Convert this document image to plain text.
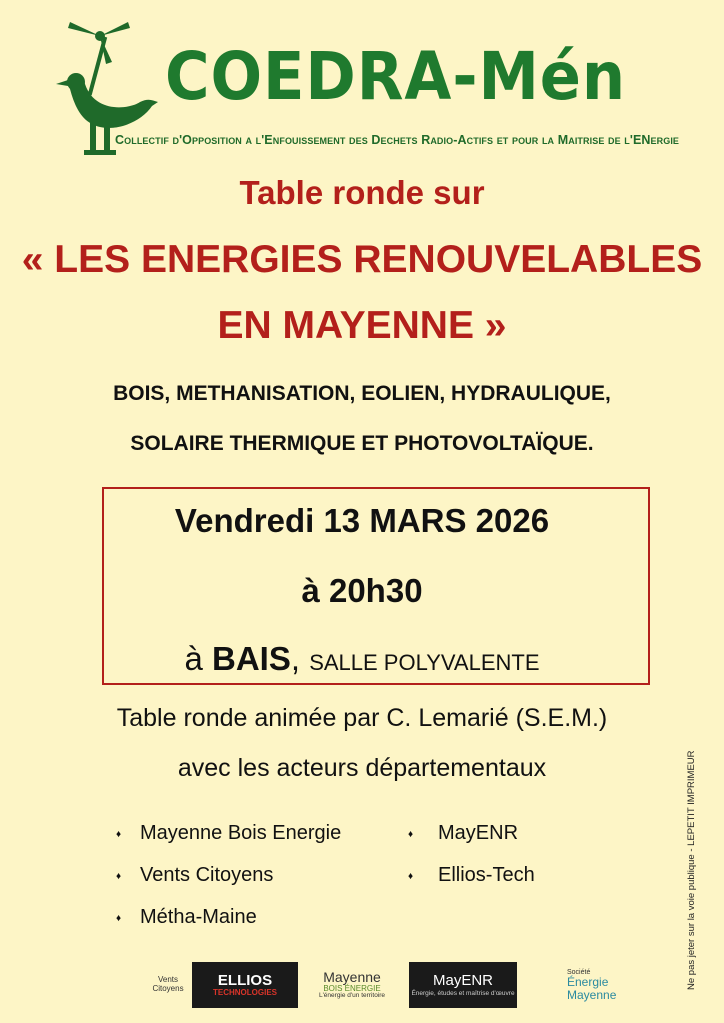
COEDRA-Mén
Collectif d'Opposition a l'Enfouissement des Dechets Radio-Actifs et pour la Maitrise de l'ENergie
Table ronde sur
« LES ENERGIES RENOUVELABLES
EN MAYENNE »
BOIS, METHANISATION, EOLIEN, HYDRAULIQUE,
SOLAIRE THERMIQUE ET PHOTOVOLTAÏQUE.
Vendredi 13 MARS 2026
à 20h30
à BAIS, SALLE POLYVALENTE
Table ronde animée par C. Lemarié (S.E.M.)
avec les acteurs départementaux
♦ Mayenne Bois Energie
♦ Vents Citoyens
♦ Métha-Maine
♦ MayENR
♦ Ellios-Tech	Ne pas jeter sur la voie publique - LEPETIT IMPRIMEUR
Vents
Citoyens ELLIOS
TECHNOLOGIES
Mayenne
BOIS ÉNERGIE
L'énergie d'un territoire
MayENR
Énergie, études et maîtrise d'œuvre
Société
Énergie
Mayenne
